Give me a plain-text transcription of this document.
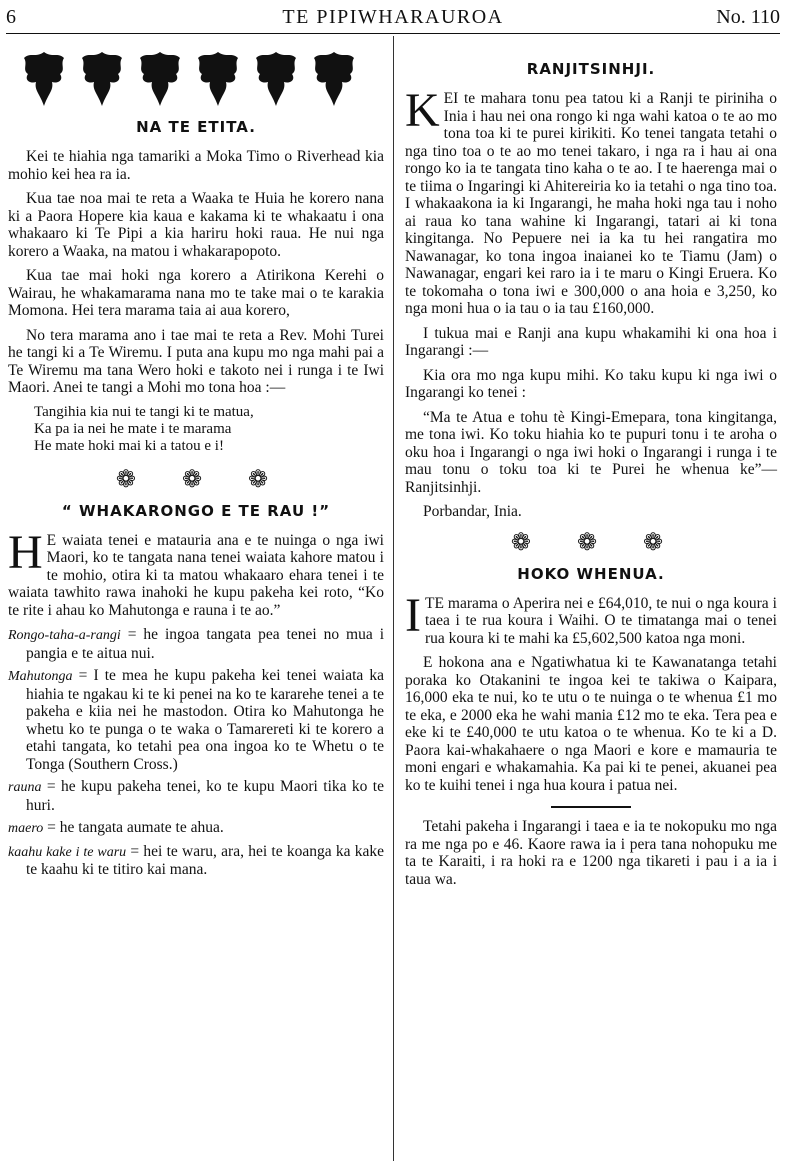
6	TE PIPIWHARAUROA	No. 110
NA TE ETITA.

Kei te hiahia nga tamariki a Moka Timo o Riverhead kia mohio kei hea ra ia.

Kua tae noa mai te reta a Waaka te Huia he korero nana ki a Paora Hopere kia kaua e kakama ki te whakaatu i ona whakaaro ki Te Pipi a kia hariru hoki raua. He nui nga korero a Waaka, na matou i whakarapopoto.

Kua tae mai hoki nga korero a Atirikona Kerehi o Wairau, he whakamarama nana mo te take mai o te karakia Momona. Hei tera marama taia ai aua korero,

No tera marama ano i tae mai te reta a Rev. Mohi Turei he tangi ki a Te Wiremu. I puta ana kupu mo nga mahi pai a Te Wiremu ma tana Wero hoki e takoto nei i runga i te Iwi Maori. Anei te tangi a Mohi mo tona hoa :—

Tangihia kia nui te tangi ki te matua,
Ka pa ia nei he mate i te marama
He mate hoki mai ki a tatou e i!
❁ ❁ ❁
“ WHAKARONGO E TE RAU !”

H E waiata tenei e matauria ana e te nuinga o nga iwi Maori, ko te tangata nana tenei waiata kahore matou i te mohio, otira ki ta matou whakaaro ehara tenei i te waiata tawhito rawa inahoki he kupu pakeha kei roto, “Ko te rite i ahau ko Mahutonga e rauna i te ao.”

Rongo-taha-a-rangi = he ingoa tangata pea tenei no mua i pangia e te aitua nui.
Mahutonga = I te mea he kupu pakeha kei tenei waiata ka hiahia te ngakau ki te ki penei na ko te kararehe tenei a te pakeha e kiia nei he mastodon. Otira ko Mahutonga he whetu ko te punga o te waka o Tamarereti ki te korero a etahi tangata, ko tetahi pea ona ingoa ko te Whetu o te Tonga (Southern Cross.)
rauna = he kupu pakeha tenei, ko te kupu Maori tika ko te huri.
maero = he tangata aumate te ahua.
kaahu kake i te waru = hei te waru, ara, hei te koanga ka kake te kaahu ki te titiro kai mana.
RANJITSINHJI.

KEI te mahara tonu pea tatou ki a Ranji te piriniha o Inia i hau nei ona rongo ki nga wahi katoa o te ao mo tona toa ki te purei kirikiti. Ko tenei tangata tetahi o nga tino toa o te ao mo tenei takaro, i nga ra i hau ai ona rongo ko ia te tangata tino kaha o te ao. I te haerenga mai o te tiima o Ingaringi ki Ahitereiria ko ia tetahi o nga tino toa. I whakaakona ia ki Ingarangi, he maha hoki nga tau i noho ai raua ko tana wahine ki Ingarangi, tatari ai ki tona kingitanga. No Pepuere nei ia ka tu hei rangatira mo Nawanagar, ko tona ingoa inaianei ko te Tiamu (Jam) o Nawanagar, engari kei raro ia i te maru o Kingi Eruera. Ko te tokomaha o tona iwi e 300,000 o ana hoia e 3,250, ko nga moni hua o ia tau o ia tau £160,000.

I tukua mai e Ranji ana kupu whakamihi ki ona hoa i Ingarangi :—

Kia ora mo nga kupu mihi. Ko taku kupu ki nga iwi o Ingarangi ko tenei :

“Ma te Atua e tohu tè Kingi-Emepara, tona kingitanga, me tona iwi. Ko toku hiahia ko te pupuri tonu i te aroha o oku hoa i Ingarangi o nga iwi hoki o Ingarangi i runga i te mau tonu o toku toa ki te Purei he whenua ke”—Ranjitsinhji.

Porbandar, Inia.

❁ ❁ ❁
HOKO WHENUA.

ITE marama o Aperira nei e £64,010, te nui o nga koura i taea i te rua koura i Waihi. O te timatanga mai o tenei rua koura ki te mahi ka £5,602,500 katoa nga moni.

E hokona ana e Ngatiwhatua ki te Kawanatanga tetahi poraka ko Otakanini te ingoa kei te takiwa o Kaipara, 16,000 eka te nui, ko te utu o te nuinga o te whenua £1 mo te eka, e 2000 eka he wahi mania £12 mo te eka. Tera pea e eke ki te £40,000 te utu katoa o te whenua. Ko te ki a D. Paora kai-whakahaere o nga Maori e kore e mamauria te moni engari e whakamahia. Ka pai ki te penei, akuanei pea ko te kuihi tenei i nga hua koura i patua nei.

Tetahi pakeha i Ingarangi i taea e ia te nokopuku mo nga ra me nga po e 46. Kaore rawa ia i pera tana nohopuku me ta te Karaiti, i ra hoki ra e 1200 nga tikareti i pau i a ia i taua wa.
